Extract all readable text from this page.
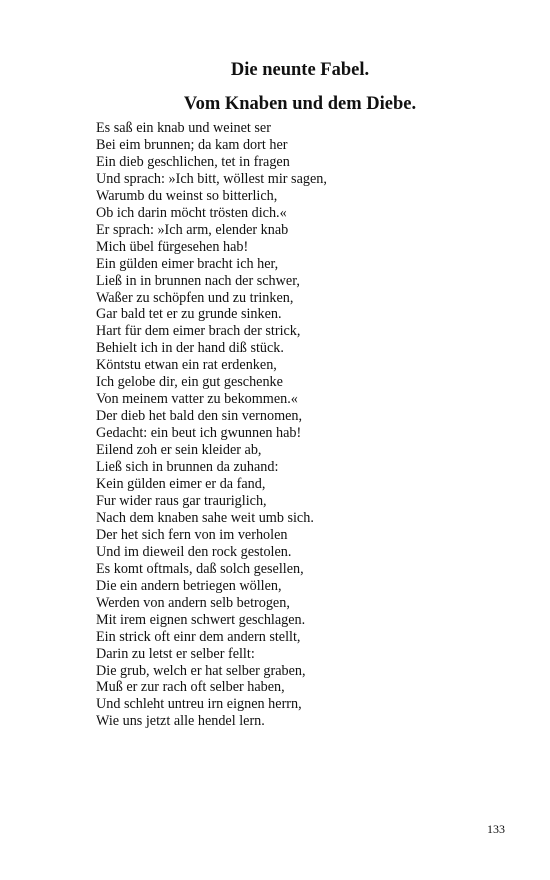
Die neunte Fabel.
Vom Knaben und dem Diebe.
Es saß ein knab und weinet ser
Bei eim brunnen; da kam dort her
Ein dieb geschlichen, tet in fragen
Und sprach: »Ich bitt, wöllest mir sagen,
Warumb du weinst so bitterlich,
Ob ich darin möcht trösten dich.«
Er sprach: »Ich arm, elender knab
Mich übel fürgesehen hab!
Ein gülden eimer bracht ich her,
Ließ in in brunnen nach der schwer,
Waßer zu schöpfen und zu trinken,
Gar bald tet er zu grunde sinken.
Hart für dem eimer brach der strick,
Behielt ich in der hand diß stück.
Köntstu etwan ein rat erdenken,
Ich gelobe dir, ein gut geschenke
Von meinem vatter zu bekommen.«
Der dieb het bald den sin vernomen,
Gedacht: ein beut ich gwunnen hab!
Eilend zoh er sein kleider ab,
Ließ sich in brunnen da zuhand:
Kein gülden eimer er da fand,
Fur wider raus gar trauriglich,
Nach dem knaben sahe weit umb sich.
Der het sich fern von im verholen
Und im dieweil den rock gestolen.
Es komt oftmals, daß solch gesellen,
Die ein andern betriegen wöllen,
Werden von andern selb betrogen,
Mit irem eignen schwert geschlagen.
Ein strick oft einr dem andern stellt,
Darin zu letst er selber fellt:
Die grub, welch er hat selber graben,
Muß er zur rach oft selber haben,
Und schleht untreu irn eignen herrn,
Wie uns jetzt alle hendel lern.
133
